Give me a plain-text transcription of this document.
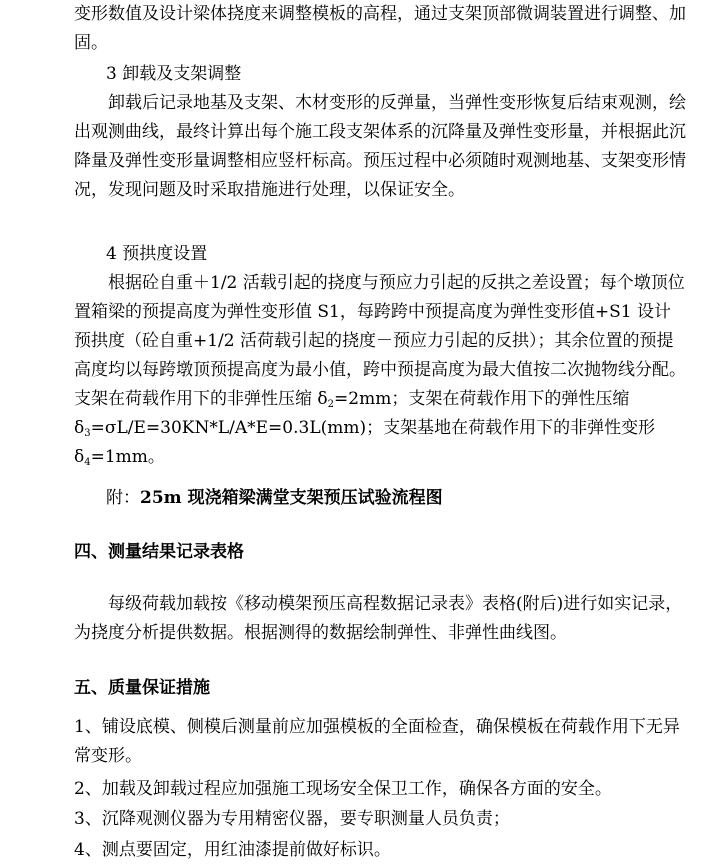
变形数值及设计梁体挠度来调整模板的高程，通过支架顶部微调装置进行调整、加固。

3 卸载及支架调整

卸载后记录地基及支架、木材变形的反弹量，当弹性变形恢复后结束观测，绘出观测曲线，最终计算出每个施工段支架体系的沉降量及弹性变形量，并根据此沉降量及弹性变形量调整相应竖杆标高。预压过程中必须随时观测地基、支架变形情况，发现问题及时采取措施进行处理，以保证安全。

4 预拱度设置

根据砼自重＋1/2 活载引起的挠度与预应力引起的反拱之差设置；每个墩顶位置箱梁的预提高度为弹性变形值 S1，每跨跨中预提高度为弹性变形值+S1 设计预拱度（砼自重+1/2 活荷载引起的挠度－预应力引起的反拱）；其余位置的预提高度均以每跨墩顶预提高度为最小值，跨中预提高度为最大值按二次抛物线分配。支架在荷载作用下的非弹性压缩 $\delta_2=2mm$；支架在荷载作用下的弹性压缩 $\delta_3=\sigma L/E=30KN*L/A*E=0.3L(mm)$；支架基地在荷载作用下的非弹性变形 $\delta_4=1mm$。

附：25m 现浇箱梁满堂支架预压试验流程图

四、测量结果记录表格

每级荷载加载按《移动模架预压高程数据记录表》表格(附后)进行如实记录，为挠度分析提供数据。根据测得的数据绘制弹性、非弹性曲线图。

五、质量保证措施

1、铺设底模、侧模后测量前应加强模板的全面检查，确保模板在荷载作用下无异常变形。

2、加载及卸载过程应加强施工现场安全保卫工作，确保各方面的安全。

3、沉降观测仪器为专用精密仪器，要专职测量人员负责；

4、测点要固定，用红油漆提前做好标识。
